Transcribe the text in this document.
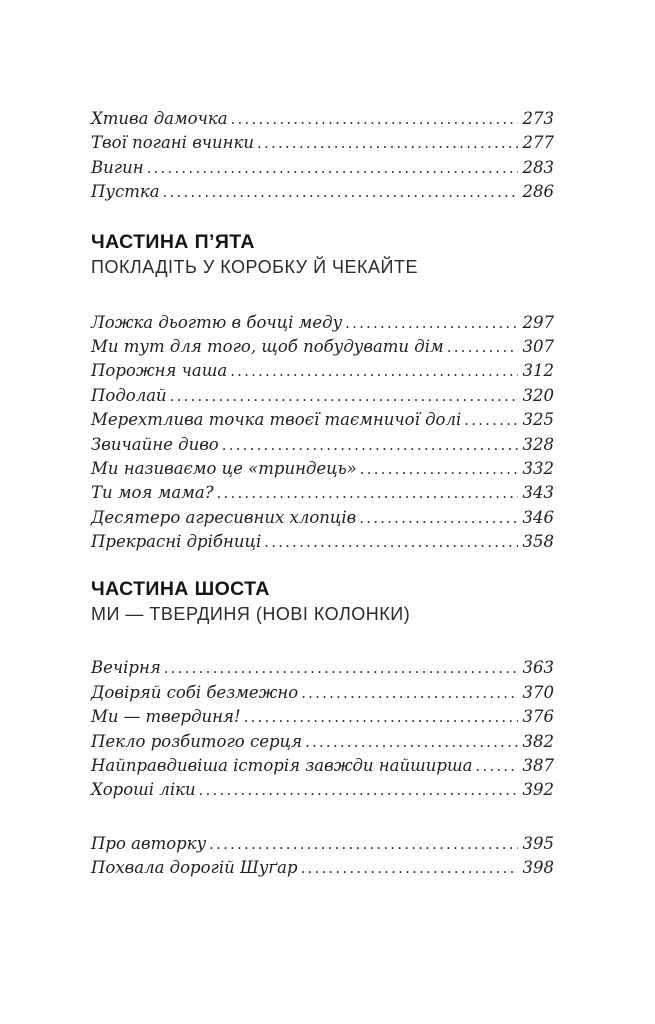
Хтива дамочка .....	273
Твої погані вчинки .....	277
Вигин .....	283
Пустка .....	286
ЧАСТИНА П’ЯТА
ПОКЛАДІТЬ У КОРОБКУ Й ЧЕКАЙТЕ
Ложка дьогтю в бочці меду .....	297
Ми тут для того, щоб побудувати дім .....	307
Порожня чаша .....	312
Подолай .....	320
Мерехтлива точка твоєї таємничої долі .....	325
Звичайне диво .....	328
Ми називаємо це «триндець» .....	332
Ти моя мама? .....	343
Десятеро агресивних хлопців .....	346
Прекрасні дрібниці .....	358
ЧАСТИНА ШОСТА
МИ — ТВЕРДИНЯ (НОВІ КОЛОНКИ)
Вечірня .....	363
Довіряй собі безмежно .....	370
Ми — твердиня! .....	376
Пекло розбитого серця .....	382
Найправдивіша історія завжди найширша .....	387
Хороші ліки .....	392
Про авторку .....	395
Похвала дорогій Шуґар .....	398
